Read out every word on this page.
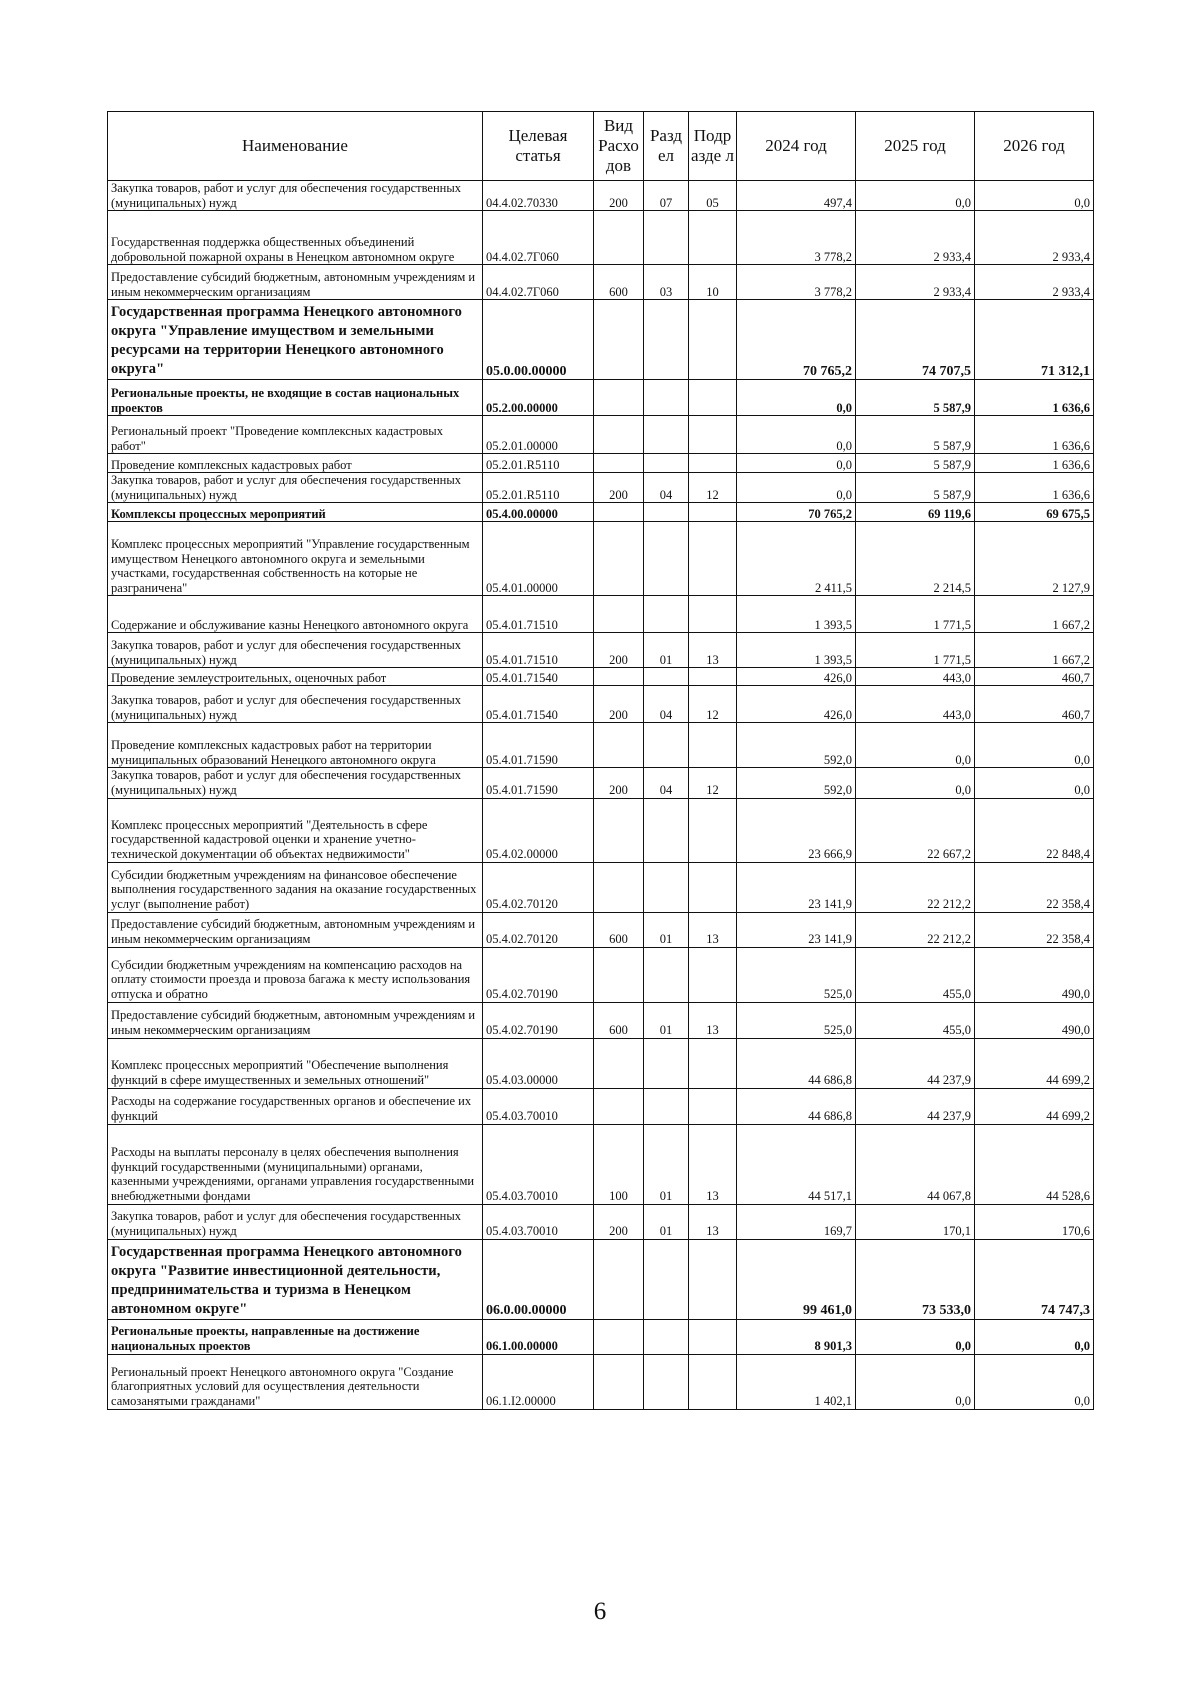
Наименование	Целевая статья	Вид Расхо дов	Разд ел	Подр азде л	2024 год	2025 год	2026 год
Закупка товаров, работ и услуг для обеспечения государственных (муниципальных) нужд	04.4.02.70330	200	07	05	497,4	0,0	0,0
Государственная поддержка общественных объединений добровольной пожарной охраны в Ненецком автономном округе	04.4.02.7Г060				3 778,2	2 933,4	2 933,4
Предоставление субсидий бюджетным, автономным учреждениям и иным некоммерческим организациям	04.4.02.7Г060	600	03	10	3 778,2	2 933,4	2 933,4
Государственная программа Ненецкого автономного округа "Управление имуществом и земельными ресурсами на территории Ненецкого автономного округа"	05.0.00.00000				70 765,2	74 707,5	71 312,1
Региональные проекты, не входящие в состав национальных проектов	05.2.00.00000				0,0	5 587,9	1 636,6
Региональный проект "Проведение комплексных кадастровых работ"	05.2.01.00000				0,0	5 587,9	1 636,6
Проведение комплексных кадастровых работ	05.2.01.R5110				0,0	5 587,9	1 636,6
Закупка товаров, работ и услуг для обеспечения государственных (муниципальных) нужд	05.2.01.R5110	200	04	12	0,0	5 587,9	1 636,6
Комплексы процессных мероприятий	05.4.00.00000				70 765,2	69 119,6	69 675,5
Комплекс процессных мероприятий "Управление государственным имуществом Ненецкого автономного округа и земельными участками, государственная собственность на которые не разграничена"	05.4.01.00000				2 411,5	2 214,5	2 127,9
Содержание и обслуживание казны Ненецкого автономного округа	05.4.01.71510				1 393,5	1 771,5	1 667,2
Закупка товаров, работ и услуг для обеспечения государственных (муниципальных) нужд	05.4.01.71510	200	01	13	1 393,5	1 771,5	1 667,2
Проведение землеустроительных, оценочных работ	05.4.01.71540				426,0	443,0	460,7
Закупка товаров, работ и услуг для обеспечения государственных (муниципальных) нужд	05.4.01.71540	200	04	12	426,0	443,0	460,7
Проведение комплексных кадастровых работ на территории муниципальных образований Ненецкого автономного округа	05.4.01.71590				592,0	0,0	0,0
Закупка товаров, работ и услуг для обеспечения государственных (муниципальных) нужд	05.4.01.71590	200	04	12	592,0	0,0	0,0
Комплекс процессных мероприятий "Деятельность в сфере государственной кадастровой оценки и хранение учетно-технической документации об объектах недвижимости"	05.4.02.00000				23 666,9	22 667,2	22 848,4
Субсидии бюджетным учреждениям на финансовое обеспечение выполнения государственного задания на оказание государственных услуг (выполнение работ)	05.4.02.70120				23 141,9	22 212,2	22 358,4
Предоставление субсидий бюджетным, автономным учреждениям и иным некоммерческим организациям	05.4.02.70120	600	01	13	23 141,9	22 212,2	22 358,4
Субсидии бюджетным учреждениям на компенсацию расходов на оплату стоимости проезда и провоза багажа к месту использования отпуска и обратно	05.4.02.70190				525,0	455,0	490,0
Предоставление субсидий бюджетным, автономным учреждениям и иным некоммерческим организациям	05.4.02.70190	600	01	13	525,0	455,0	490,0
Комплекс процессных мероприятий "Обеспечение выполнения функций в сфере имущественных и земельных отношений"	05.4.03.00000				44 686,8	44 237,9	44 699,2
Расходы на содержание государственных органов и обеспечение их функций	05.4.03.70010				44 686,8	44 237,9	44 699,2
Расходы на выплаты персоналу в целях обеспечения выполнения функций государственными (муниципальными) органами, казенными учреждениями, органами управления государственными внебюджетными фондами	05.4.03.70010	100	01	13	44 517,1	44 067,8	44 528,6
Закупка товаров, работ и услуг для обеспечения государственных (муниципальных) нужд	05.4.03.70010	200	01	13	169,7	170,1	170,6
Государственная программа Ненецкого автономного округа "Развитие инвестиционной деятельности, предпринимательства и туризма в Ненецком автономном округе"	06.0.00.00000				99 461,0	73 533,0	74 747,3
Региональные проекты, направленные на достижение национальных проектов	06.1.00.00000				8 901,3	0,0	0,0
Региональный проект Ненецкого автономного округа "Создание благоприятных условий для осуществления деятельности самозанятыми гражданами"	06.1.I2.00000				1 402,1	0,0	0,0
6
